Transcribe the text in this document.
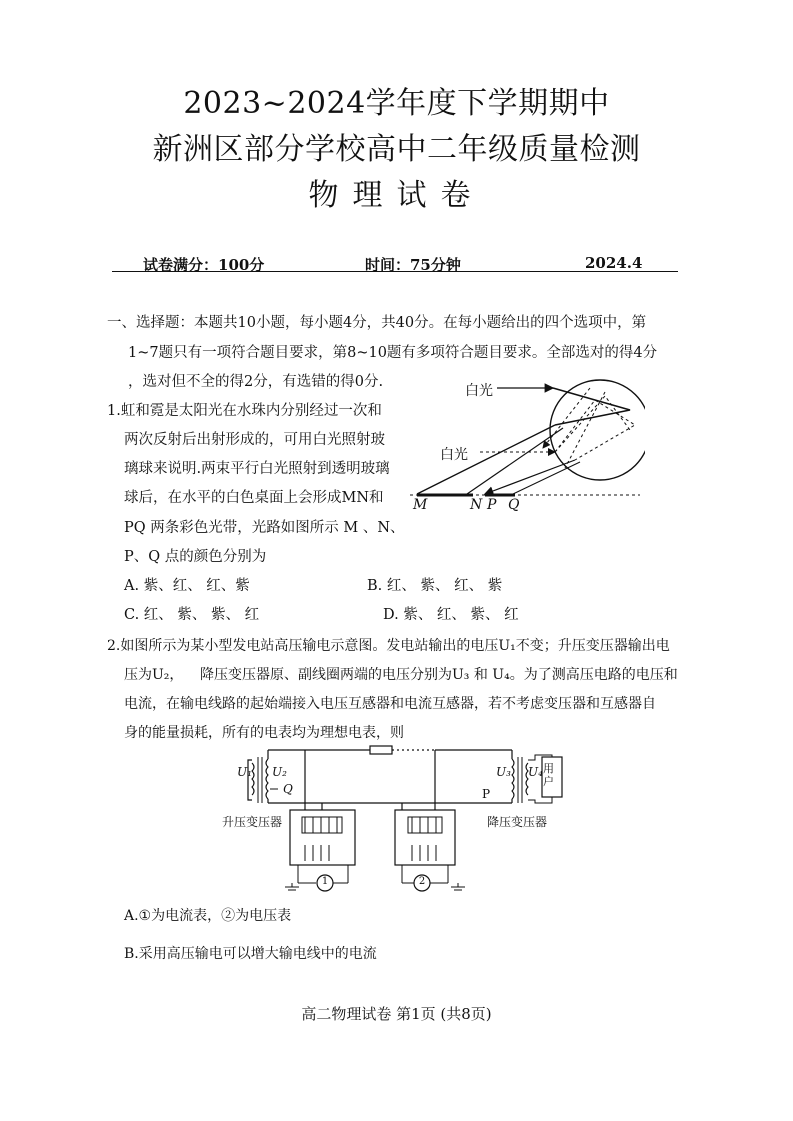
2023~2024学年度下学期期中
新洲区部分学校高中二年级质量检测
物理试卷
试卷满分：100分	时间：75分钟	2024.4
一、选择题：本题共10小题，每小题4分，共40分。在每小题给出的四个选项中，第
1~7题只有一项符合题目要求，第8~10题有多项符合题目要求。全部选对的得4分
，选对但不全的得2分，有选错的得0分.
1.虹和霓是太阳光在水珠内分别经过一次和
两次反射后出射形成的，可用白光照射玻
璃球来说明.两束平行白光照射到透明玻璃
球后，在水平的白色桌面上会形成MN和
PQ 两条彩色光带，光路如图所示 M 、N、
P、Q 点的颜色分别为
A. 紫、红、 红、紫	B. 红、 紫、 红、 紫
C. 红、 紫、 紫、 红	D. 紫、 红、 紫、 红
白光
白光
M	N P Q
2.如图所示为某小型发电站高压输电示意图。发电站输出的电压U₁不变；升压变压器输出电
压为U₂， 降压变压器原、副线圈两端的电压分别为U₃ 和 U₄。为了测高压电路的电压和
电流，在输电线路的起始端接入电压互感器和电流互感器，若不考虑变压器和互感器自
身的能量损耗，所有的电表均为理想电表，则
U₁ U₂
Q
U₃ U₄
P
用户
升压变压器	降压变压器
1	2
A.①为电流表，②为电压表
B.采用高压输电可以增大输电线中的电流
高二物理试卷 第1页 (共8页)
